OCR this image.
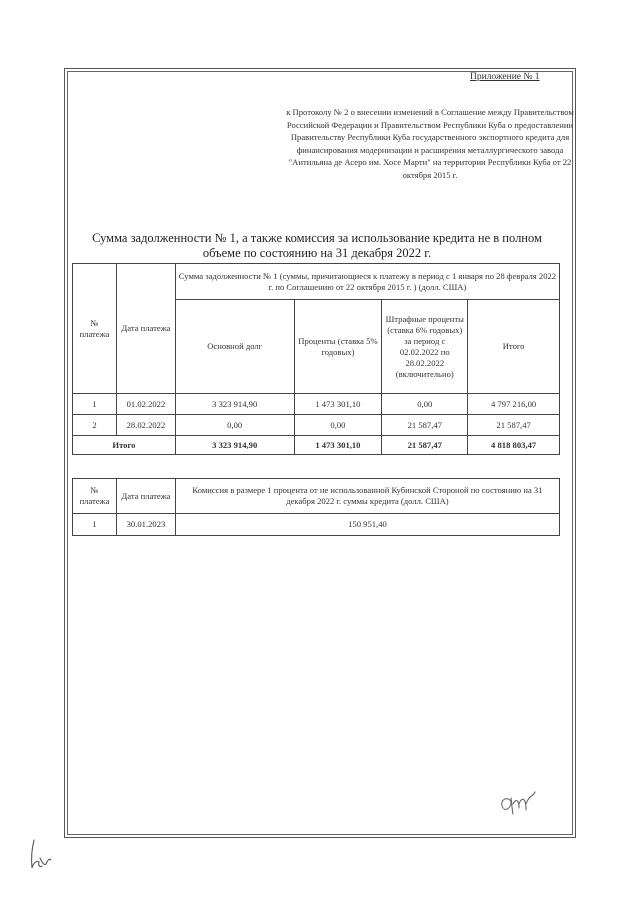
Приложение № 1
к Протоколу № 2 о внесении изменений в Соглашение между Правительством Российской Федерации и Правительством Республики Куба о предоставлении Правительству Республики Куба государственного экспортного кредита для финансирования модернизации и расширения металлургического завода "Антильяна де Асеро им. Хосе Марти" на территории Республики Куба от 22 октября 2015 г.
Сумма задолженности № 1, а также комиссия за использование кредита не в полном объеме по состоянию на 31 декабря 2022 г.
№ платежа	Дата платежа	Сумма задолженности № 1 (суммы, причитающиеся к платежу в период с 1 января по 28 февраля 2022 г. по Соглашению от 22 октября 2015 г. ) (долл. США)			
		Основной долг	Проценты (ставка 5% годовых)	Штрафные проценты (ставка 6% годовых) за период с 02.02.2022 по 28.02.2022 (включительно)	Итого
1	01.02.2022	3 323 914,90	1 473 301,10	0,00	4 797 216,00
2	28.02.2022	0,00	0,00	21 587,47	21 587,47
Итого		3 323 914,90	1 473 301,10	21 587,47	4 818 803,47
№ платежа	Дата платежа	Комиссия в размере 1 процента от не использованной Кубинской Стороной по состоянию на 31 декабря 2022 г. суммы кредита (долл. США)
1	30.01.2023	150 951,40
